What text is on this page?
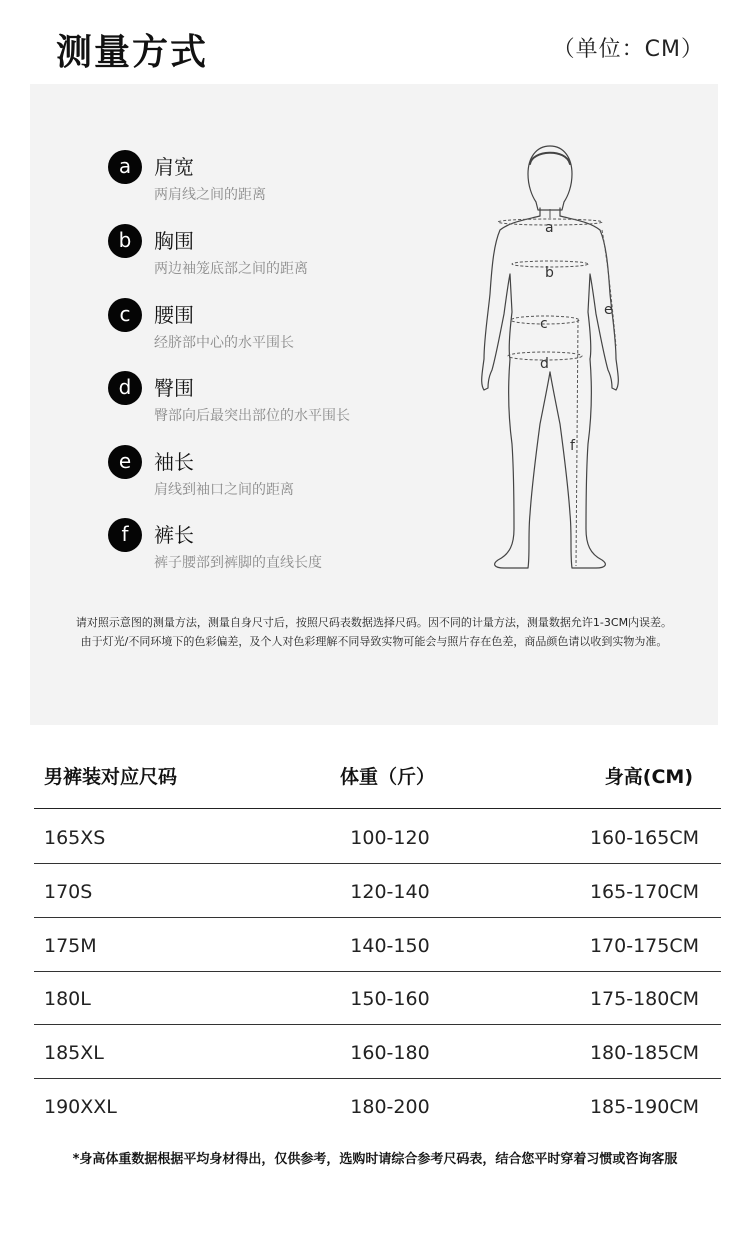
测量方式	（单位：CM）
a	肩宽
两肩线之间的距离
b	胸围
两边袖笼底部之间的距离
c	腰围
经脐部中心的水平围长
d	臀围
臀部向后最突出部位的水平围长
e	袖长
肩线到袖口之间的距离
f	裤长
裤子腰部到裤脚的直线长度
a
b
c
d
e
f
请对照示意图的测量方法，测量自身尺寸后，按照尺码表数据选择尺码。因不同的计量方法，测量数据允许1-3CM内误差。
由于灯光/不同环境下的色彩偏差，及个人对色彩理解不同导致实物可能会与照片存在色差，商品颜色请以收到实物为准。
男裤装对应尺码	体重（斤）	身高(CM)
165XS	100-120	160-165CM
170S	120-140	165-170CM
175M	140-150	170-175CM
180L	150-160	175-180CM
185XL	160-180	180-185CM
190XXL	180-200	185-190CM
*身高体重数据根据平均身材得出，仅供参考，选购时请综合参考尺码表，结合您平时穿着习惯或咨询客服
